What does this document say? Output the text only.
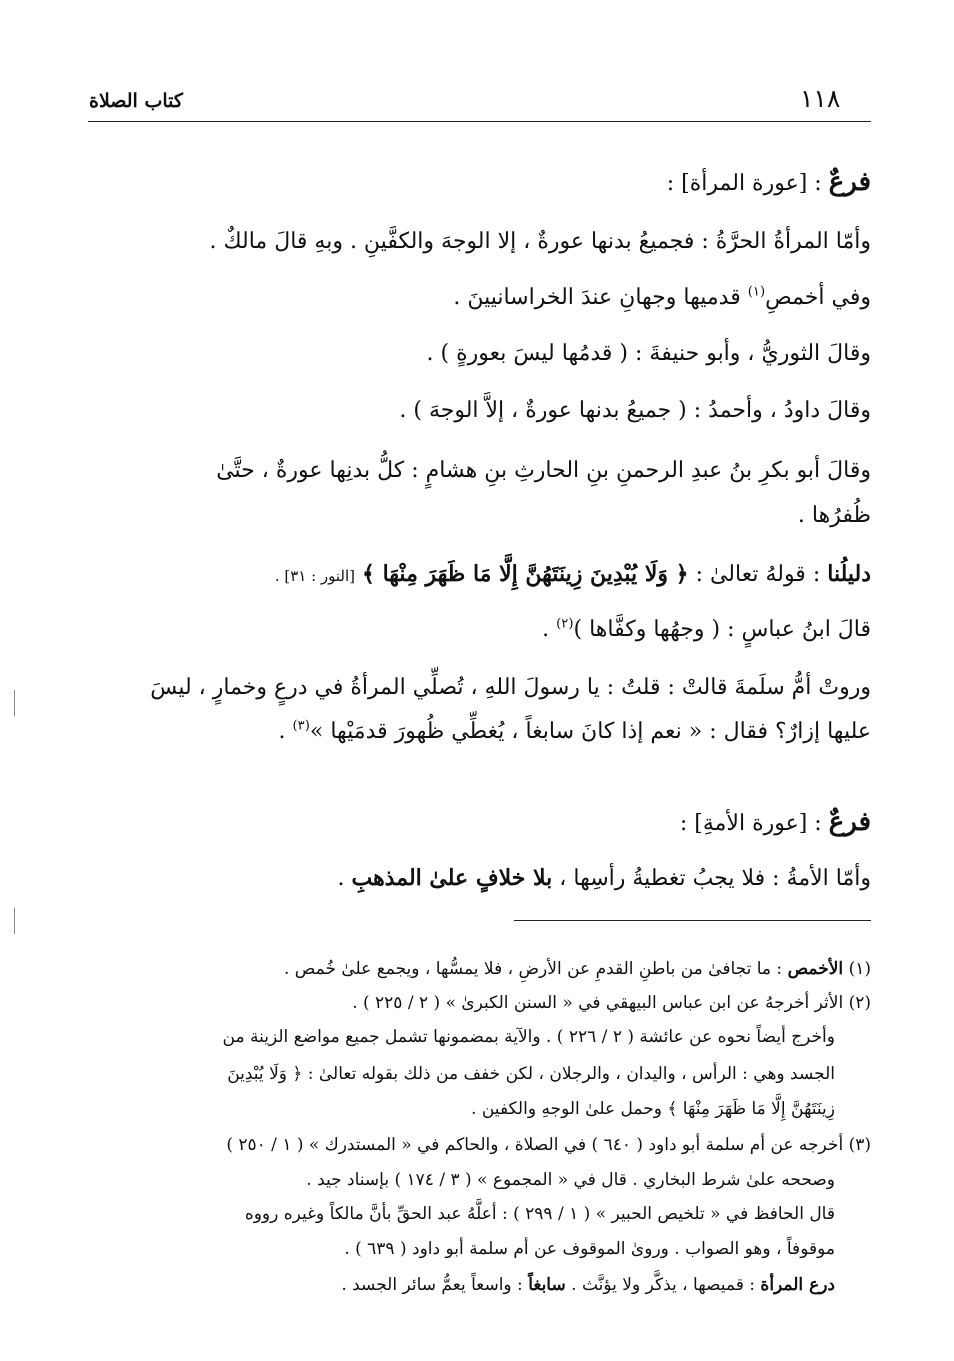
١١٨
كتاب الصلاة
فرعٌ : [عورة المرأة] :
وأمّا المرأةُ الحرَّةُ : فجميعُ بدنها عورةٌ ، إلا الوجهَ والكفَّينِ . وبهِ قالَ مالكٌ .
وفي أخمصِ$^{(١)}$ قدميها وجهانِ عندَ الخراسانيينَ .
وقالَ الثوريُّ ، وأبو حنيفةَ : ( قدمُها ليسَ بعورةٍ ) .
وقالَ داودُ ، وأحمدُ : ( جميعُ بدنها عورةٌ ، إلاَّ الوجهَ ) .
وقالَ أبو بكرِ بنُ عبدِ الرحمنِ بنِ الحارثِ بنِ هشامٍ : كلُّ بدنِها عورةٌ ، حتَّىٰ
ظُفرُها .
دليلُنا : قولهُ تعالىٰ : ﴿ وَلَا يُبْدِينَ زِينَتَهُنَّ إِلَّا مَا ظَهَرَ مِنْهَا ﴾ [النور : ٣١] .
قالَ ابنُ عباسٍ : ( وجهُها وكفَّاها )$^{(٢)}$ .
وروتْ أمُّ سلَمةَ قالتْ : قلتُ : يا رسولَ اللهِ ، تُصلِّي المرأةُ في درعٍ وخمارٍ ، ليسَ
عليها إزارٌ؟ فقال : « نعم إذا كانَ سابغاً ، يُغطِّي ظُهورَ قدمَيْها »$^{(٣)}$ .
فرعٌ : [عورة الأمةِ] :
وأمّا الأمةُ : فلا يجبُ تغطيةُ رأسِها ، بلا خلافٍ علىٰ المذهبِ .
(١) الأخمص : ما تجافىٰ من باطنِ القدمِ عن الأرضِ ، فلا يمسُّها ، ويجمع علىٰ خُمص .
(٢) الأثر أخرجهُ عن ابن عباس البيهقي في « السنن الكبرىٰ » ( ٢ / ٢٢٥ ) .
وأخرج أيضاً نحوه عن عائشة ( ٢ / ٢٢٦ ) . والآية بمضمونها تشمل جميع مواضع الزينة من
الجسد وهي : الرأس ، واليدان ، والرجلان ، لكن خفف من ذلك بقوله تعالىٰ : ﴿ وَلَا يُبْدِينَ
زِينَتَهُنَّ إِلَّا مَا ظَهَرَ مِنْهَا ﴾ وحمل علىٰ الوجهِ والكفين .
(٣) أخرجه عن أم سلمة أبو داود ( ٦٤٠ ) في الصلاة ، والحاكم في « المستدرك » ( ١ / ٢٥٠ )
وصححه علىٰ شرط البخاري . قال في « المجموع » ( ٣ / ١٧٤ ) بإسناد جيد .
قال الحافظ في « تلخيص الحبير » ( ١ / ٢٩٩ ) : أعلَّهُ عبد الحقِّ بأنَّ مالكاً وغيره رووه
موقوفاً ، وهو الصواب . وروىٰ الموقوف عن أم سلمة أبو داود ( ٦٣٩ ) .
درع المرأة : قميصها ، يذكَّر ولا يؤنَّث . سابغاً : واسعاً يعمُّ سائر الجسد .
